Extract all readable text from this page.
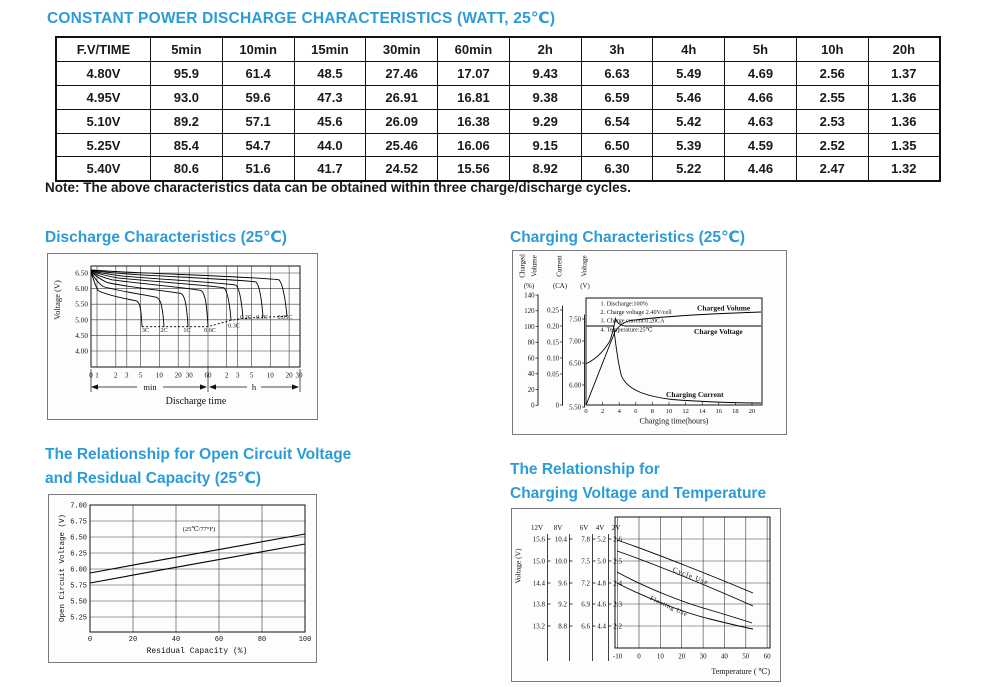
CONSTANT POWER DISCHARGE CHARACTERISTICS (WATT, 25℃)
F.V/TIME	5min	10min	15min	30min	60min	2h	3h	4h	5h	10h	20h
4.80V	95.9	61.4	48.5	27.46	17.07	9.43	6.63	5.49	4.69	2.56	1.37
4.95V	93.0	59.6	47.3	26.91	16.81	9.38	6.59	5.46	4.66	2.55	1.36
5.10V	89.2	57.1	45.6	26.09	16.38	9.29	6.54	5.42	4.63	2.53	1.36
5.25V	85.4	54.7	44.0	25.46	16.06	9.15	6.50	5.39	4.59	2.52	1.35
5.40V	80.6	51.6	41.7	24.52	15.56	8.92	6.30	5.22	4.46	2.47	1.32
Note: The above characteristics data can be obtained within three charge/discharge cycles.
Discharge Characteristics (25℃)	Charging Characteristics (25℃)
The Relationship for Open Circuit Voltage
and Residual Capacity (25℃)
The Relationship for
Charging Voltage and Temperature
6.50
6.00
5.50
5.00
4.50
4.00
0 1 2 3 5 10 20 30 60 2 3 5 10 20 30
3C 2C	1C 0.6C
0.3C
0.2C 0.1C 0.05C
min	h
Discharge time
Voltage (V)
Charged Volume Current Voltage
(%)	(CA) (V)
140
120
100
80
60
40
20
0
0.25
0.20
0.15
0.10
0.05
0
7.50
7.00
6.50
6.00
5.50
1. Discharge:100%
2. Charge voltage 2.40V/cell
3. Charge current:0.20CA
4. Temperature:25℃
Charged Volume
Charge Voltage
Charging Current
0 2 4 6 8 10 12 14 16 18 20
Charging time(hours)
7.00
6.75
6.50
6.25
6.00
5.75
5.50
5.25
0	20	40	60	80	100
(25℃/77°F)
Open Circuit Voltage (V)
Residual Capacity (%)
12V 8V 6V 4V 2V
15.6
15.0
14.4
13.8
13.2
10.4
10.0
9.6
9.2
8.8
7.8
7.5
7.2
6.9
6.6
5.2
5.0
4.8
4.6
4.4
2.6
2.5
2.4
2.3
2.2
Cycle Use
Floating Use
-10 0 10 20 30 40 50 60
Temperature ( ℃)
Voltage (V)
